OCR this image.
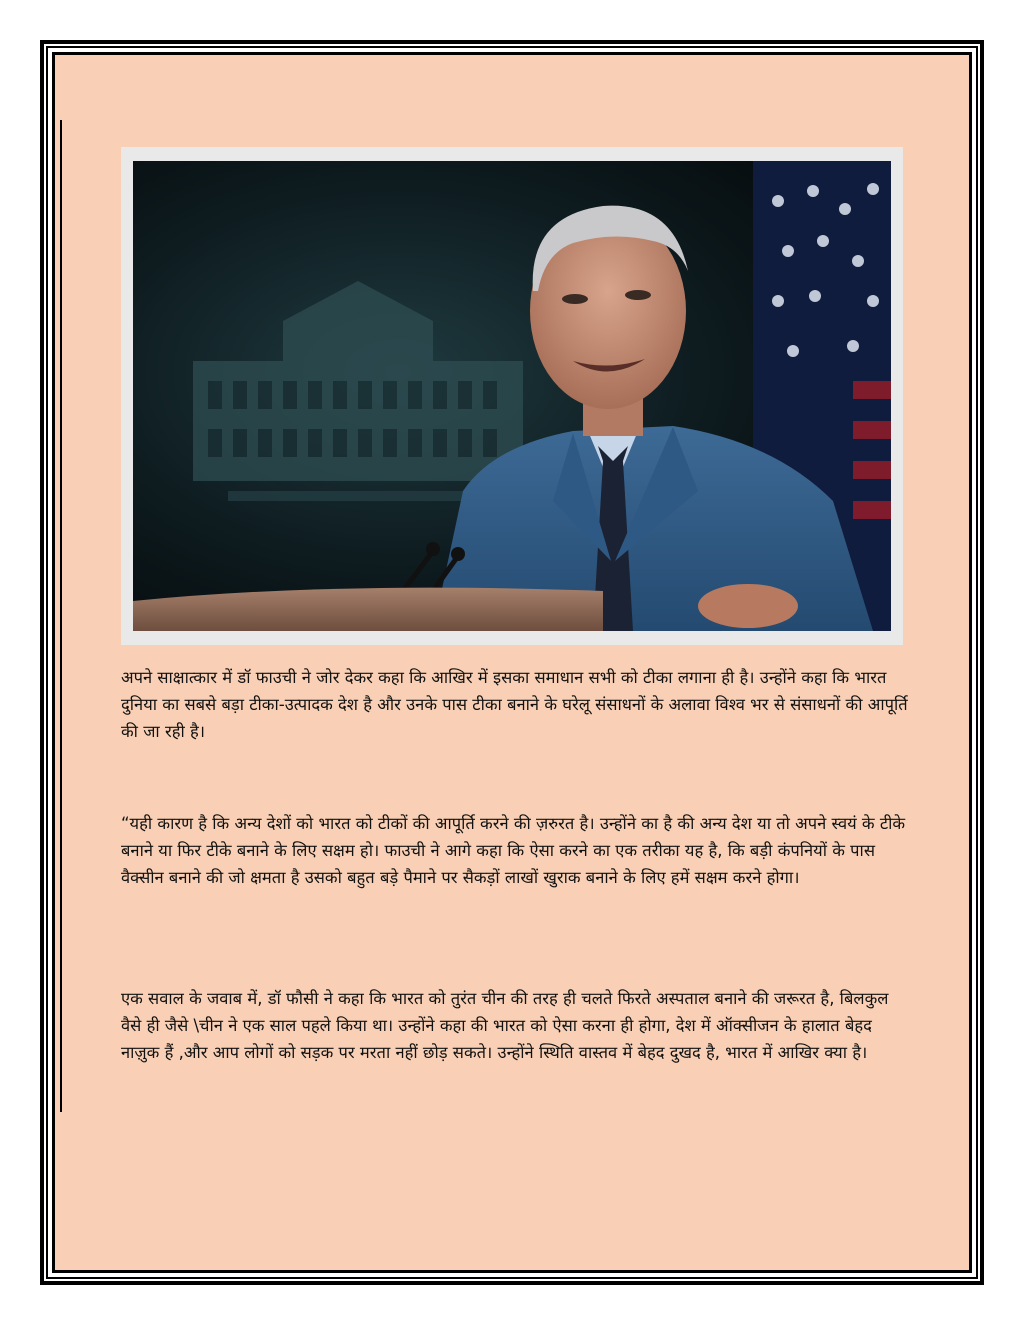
अपने साक्षात्कार में डॉ फाउची ने जोर देकर कहा कि आखिर में इसका समाधान सभी को टीका लगाना ही है। उन्होंने कहा कि भारत दुनिया का सबसे बड़ा टीका-उत्पादक देश है और उनके पास टीका बनाने के घरेलू संसाधनों के अलावा विश्व भर से संसाधनों की आपूर्ति की जा रही है।

“यही कारण है कि अन्य देशों को भारत को टीकों की आपूर्ति करने की ज़रुरत है। उन्होंने का है की अन्य देश या तो अपने स्वयं के टीके बनाने या फिर टीके बनाने के लिए सक्षम हो। फाउची ने आगे कहा कि ऐसा करने का एक तरीका यह है, कि बड़ी कंपनियों के पास वैक्सीन बनाने की जो क्षमता है उसको बहुत बड़े पैमाने पर सैकड़ों लाखों खुराक बनाने के लिए हमें सक्षम करने होगा।

एक सवाल के जवाब में, डॉ फौसी ने कहा कि भारत को तुरंत चीन की तरह ही चलते फिरते अस्पताल बनाने की जरूरत है, बिलकुल वैसे ही जैसे \चीन ने एक साल पहले किया था। उन्होंने कहा की भारत को ऐसा करना ही होगा, देश में ऑक्सीजन के हालात बेहद नाज़ुक हैं ,और आप लोगों को सड़क पर मरता नहीं छोड़ सकते। उन्होंने स्थिति वास्तव में बेहद दुखद है, भारत में आखिर क्या है।
